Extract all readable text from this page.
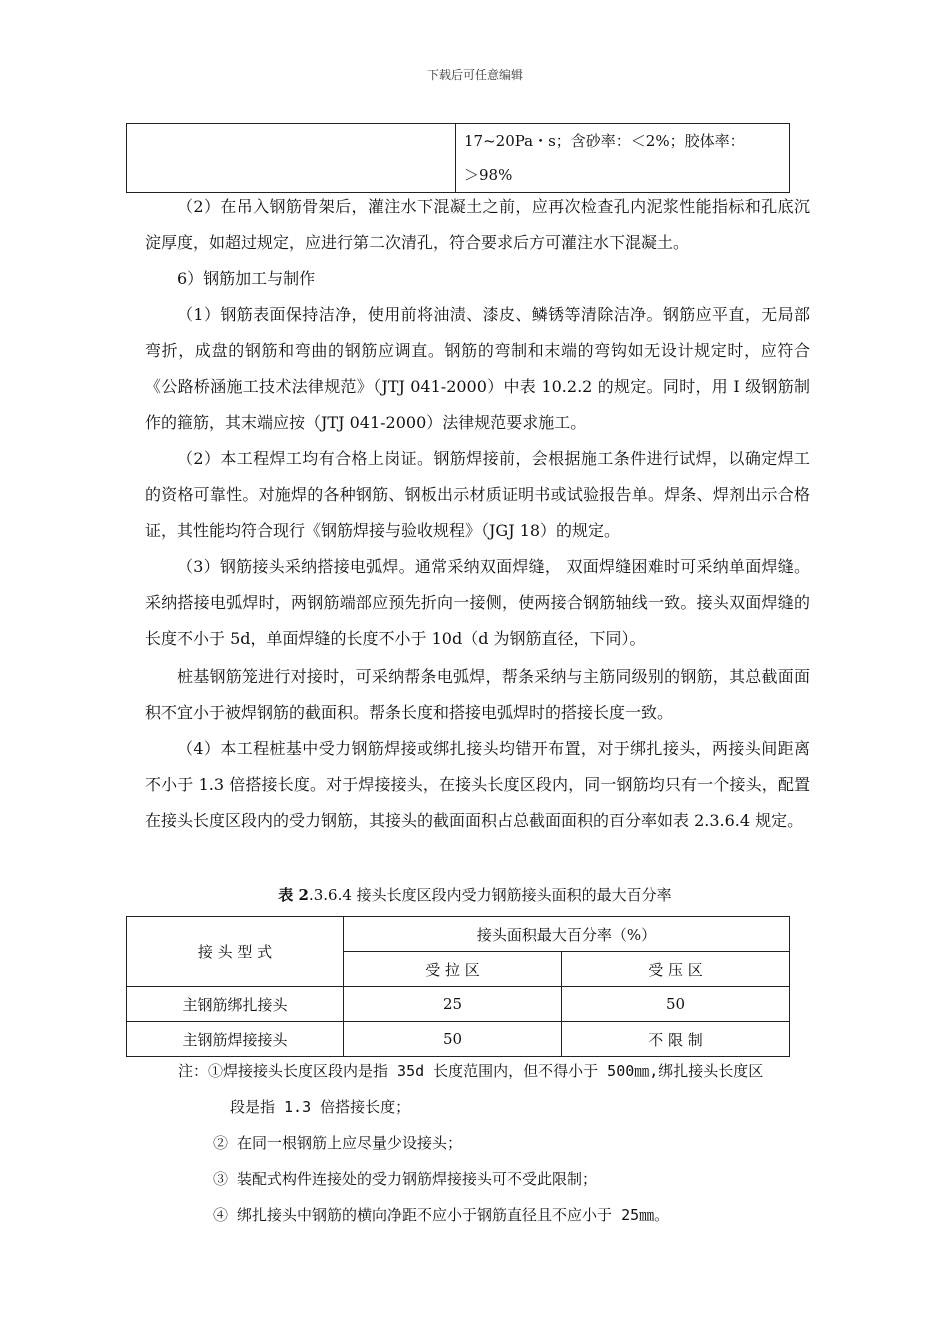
下载后可任意编辑

17~20Pa・s；含砂率：＜2%；胶体率：
＞98%

（2）在吊入钢筋骨架后，灌注水下混凝土之前，应再次检查孔内泥浆性能指标和孔底沉淀厚度，如超过规定，应进行第二次清孔，符合要求后方可灌注水下混凝土。

6）钢筋加工与制作

（1）钢筋表面保持洁净，使用前将油渍、漆皮、鳞锈等清除洁净。钢筋应平直，无局部弯折，成盘的钢筋和弯曲的钢筋应调直。钢筋的弯制和末端的弯钩如无设计规定时，应符合《公路桥涵施工技术法律规范》（JTJ 041-2000）中表 10.2.2 的规定。同时，用 I 级钢筋制作的箍筋，其末端应按（JTJ 041-2000）法律规范要求施工。

（2）本工程焊工均有合格上岗证。钢筋焊接前，会根据施工条件进行试焊，以确定焊工的资格可靠性。对施焊的各种钢筋、钢板出示材质证明书或试验报告单。焊条、焊剂出示合格证，其性能均符合现行《钢筋焊接与验收规程》（JGJ 18）的规定。

（3）钢筋接头采纳搭接电弧焊。通常采纳双面焊缝， 双面焊缝困难时可采纳单面焊缝。采纳搭接电弧焊时，两钢筋端部应预先折向一接侧，使两接合钢筋轴线一致。接头双面焊缝的长度不小于 5d，单面焊缝的长度不小于 10d（d 为钢筋直径，下同）。

桩基钢筋笼进行对接时，可采纳帮条电弧焊，帮条采纳与主筋同级别的钢筋，其总截面面积不宜小于被焊钢筋的截面积。帮条长度和搭接电弧焊时的搭接长度一致。

（4）本工程桩基中受力钢筋焊接或绑扎接头均错开布置，对于绑扎接头，两接头间距离不小于 1.3 倍搭接长度。对于焊接接头，在接头长度区段内，同一钢筋均只有一个接头，配置在接头长度区段内的受力钢筋，其接头的截面面积占总截面面积的百分率如表 2.3.6.4 规定。

表 2.3.6.4 接头长度区段内受力钢筋接头面积的最大百分率
接 头 型 式	接头面积最大百分率（%）	
	受 拉 区	受 压 区
主钢筋绑扎接头	25	50
主钢筋焊接接头	50	不 限 制
注：①焊接接头长度区段内是指 35d 长度范围内，但不得小于 500㎜,绑扎接头长度区
段是指 1.3 倍搭接长度；
② 在同一根钢筋上应尽量少设接头；
③ 装配式构件连接处的受力钢筋焊接接头可不受此限制；
④ 绑扎接头中钢筋的横向净距不应小于钢筋直径且不应小于 25㎜。
